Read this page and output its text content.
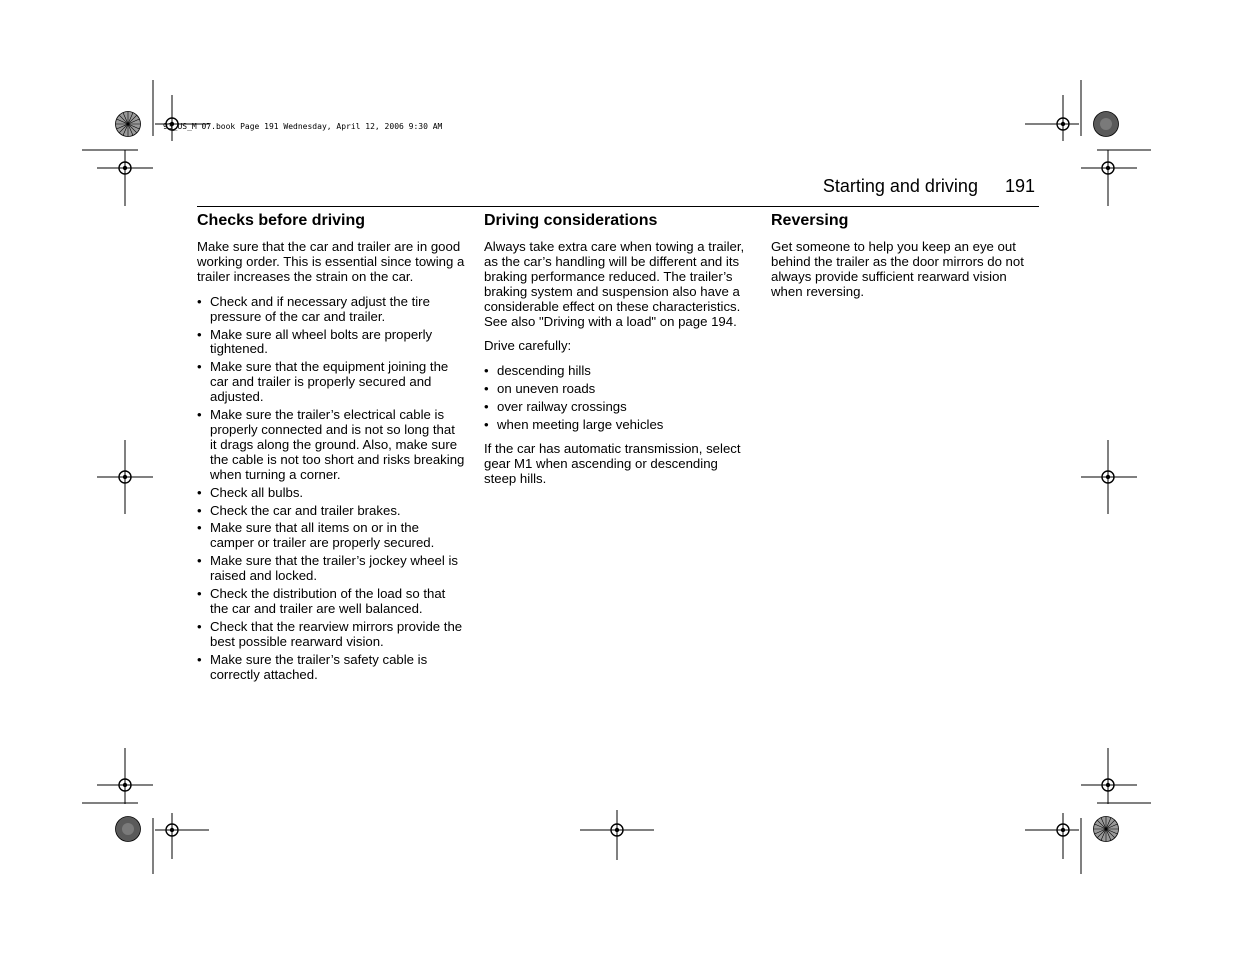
93_US_M 07.book Page 191 Wednesday, April 12, 2006 9:30 AM
Starting and driving 191
Checks before driving

Make sure that the car and trailer are in good working order. This is essential since towing a trailer increases the strain on the car.

• Check and if necessary adjust the tire pressure of the car and trailer.
• Make sure all wheel bolts are properly tightened.
• Make sure that the equipment joining the car and trailer is properly secured and adjusted.
• Make sure the trailer’s electrical cable is properly connected and is not so long that it drags along the ground. Also, make sure the cable is not too short and risks breaking when turning a corner.
• Check all bulbs.
• Check the car and trailer brakes.
• Make sure that all items on or in the camper or trailer are properly secured.
• Make sure that the trailer’s jockey wheel is raised and locked.
• Check the distribution of the load so that the car and trailer are well balanced.
• Check that the rearview mirrors provide the best possible rearward vision.
• Make sure the trailer’s safety cable is correctly attached.
Driving considerations

Always take extra care when towing a trailer, as the car’s handling will be different and its braking performance reduced. The trailer’s braking system and suspension also have a considerable effect on these characteristics. See also "Driving with a load" on page 194.

Drive carefully:

• descending hills
• on uneven roads
• over railway crossings
• when meeting large vehicles

If the car has automatic transmission, select gear M1 when ascending or descending steep hills.

Reversing

Get someone to help you keep an eye out behind the trailer as the door mirrors do not always provide sufficient rearward vision when reversing.
